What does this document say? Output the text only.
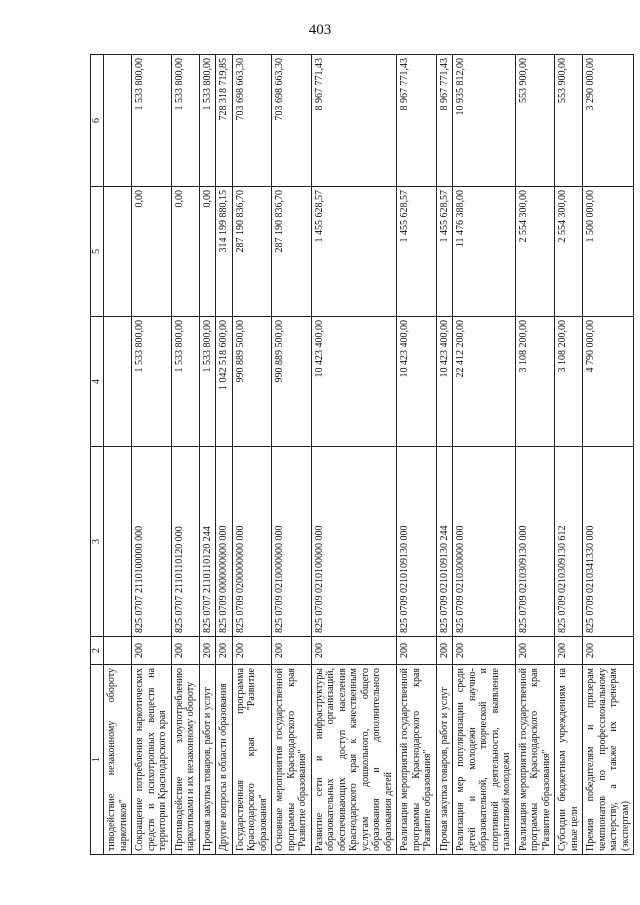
403
1	2	3	4	5	6
тиводействие незаконному обороту наркотиков"					
Сокращение потребления наркотических средств и психотропных веществ на территории Краснодарского края	200	825 0707 2110100000 000	1 533 800,00	0,00	1 533 800,00
Противодействие злоупотреблению наркотиками и их незаконному обороту	200	825 0707 2110110120 000	1 533 800,00	0,00	1 533 800,00
Прочая закупка товаров, работ и услуг	200	825 0707 2110110120 244	1 533 800,00	0,00	1 533 800,00
Другие вопросы в области образования	200	825 0709 0000000000 000	1 042 518 600,00	314 199 880,15	728 318 719,85
Государственная программа Краснодарского края "Развитие образования"	200	825 0709 0200000000 000	990 889 500,00	287 190 836,70	703 698 663,30
Основные мероприятия государственной программы Краснодарского края "Развитие образования"	200	825 0709 0210000000 000	990 889 500,00	287 190 836,70	703 698 663,30
Развитие сети и инфраструктуры образовательных организаций, обеспечивающих доступ населения Краснодарского края к качественным услугам дошкольного, общего образования и дополнительного образования детей	200	825 0709 0210100000 000	10 423 400,00	1 455 628,57	8 967 771,43
Реализация мероприятий государственной программы Краснодарского края "Развитие образования"	200	825 0709 0210109130 000	10 423 400,00	1 455 628,57	8 967 771,43
Прочая закупка товаров, работ и услуг	200	825 0709 0210109130 244	10 423 400,00	1 455 628,57	8 967 771,43
Реализация мер популяризации среди детей и молодежи научно-образовательной, творческой и спортивной деятельности, выявление талантливой молодежи	200	825 0709 0210300000 000	22 412 200,00	11 476 388,00	10 935 812,00
Реализация мероприятий государственной программы Краснодарского края "Развитие образования"	200	825 0709 0210309130 000	3 108 200,00	2 554 300,00	553 900,00
Субсидии бюджетным учреждениям на иные цели	200	825 0709 0210309130 612	3 108 200,00	2 554 300,00	553 900,00
Премия победителям и призерам чемпионатов по профессиональному мастерству, а также их тренерам (экспертам)	200	825 0709 0210341330 000	4 790 000,00	1 500 000,00	3 290 000,00
